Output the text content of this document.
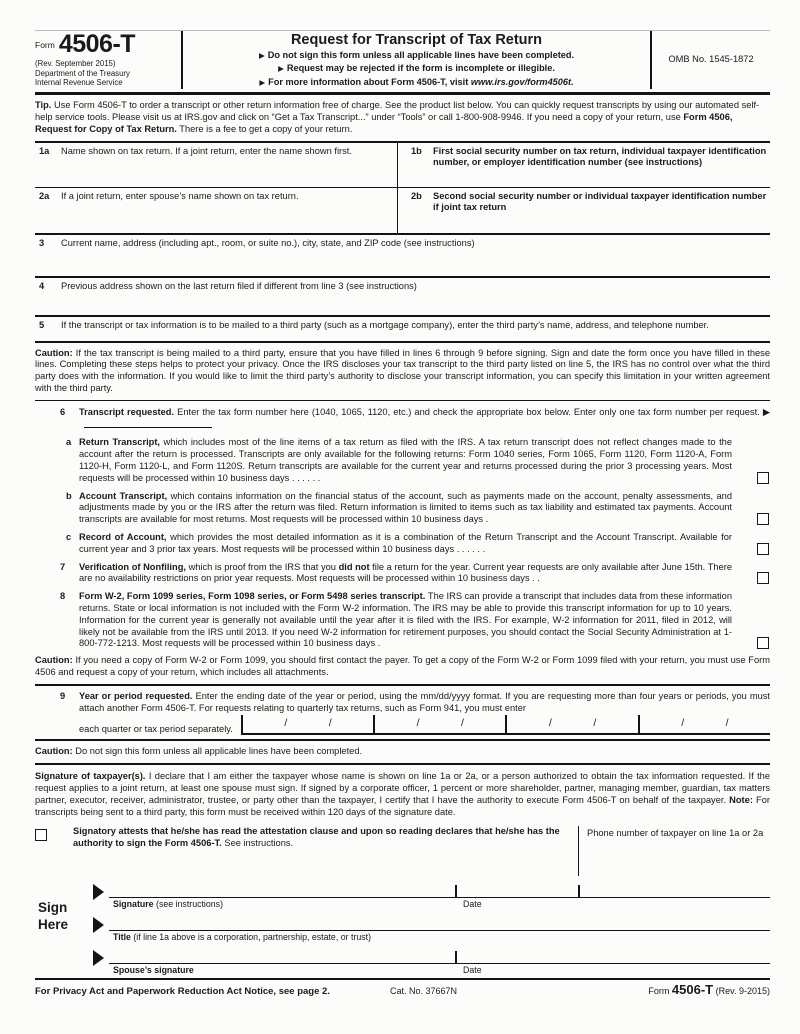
Form 4506-T
(Rev. September 2015)
Department of the Treasury
Internal Revenue Service
Request for Transcript of Tax Return
▶ Do not sign this form unless all applicable lines have been completed.
▶ Request may be rejected if the form is incomplete or illegible.
▶ For more information about Form 4506-T, visit www.irs.gov/form4506t.
OMB No. 1545-1872

Tip. Use Form 4506-T to order a transcript or other return information free of charge. See the product list below. You can quickly request transcripts by using our automated self-help service tools. Please visit us at IRS.gov and click on “Get a Tax Transcript...” under “Tools” or call 1-800-908-9946. If you need a copy of your return, use Form 4506, Request for Copy of Tax Return. There is a fee to get a copy of your return.

1a	Name shown on tax return. If a joint return, enter the name shown first.	1b	First social security number on tax return, individual taxpayer identification number, or employer identification number (see instructions)
2a	If a joint return, enter spouse’s name shown on tax return.	2b	Second social security number or individual taxpayer identification number if joint tax return
3	Current name, address (including apt., room, or suite no.), city, state, and ZIP code (see instructions)
4	Previous address shown on the last return filed if different from line 3 (see instructions)
5	If the transcript or tax information is to be mailed to a third party (such as a mortgage company), enter the third party’s name, address, and telephone number.

Caution: If the tax transcript is being mailed to a third party, ensure that you have filled in lines 6 through 9 before signing. Sign and date the form once you have filled in these lines. Completing these steps helps to protect your privacy. Once the IRS discloses your tax transcript to the third party listed on line 5, the IRS has no control over what the third party does with the information. If you would like to limit the third party’s authority to disclose your transcript information, you can specify this limitation in your written agreement with the third party.

6	Transcript requested. Enter the tax form number here (1040, 1065, 1120, etc.) and check the appropriate box below. Enter only one tax form number per request. ▶
a Return Transcript, which includes most of the line items of a tax return as filed with the IRS. A tax return transcript does not reflect changes made to the account after the return is processed. Transcripts are only available for the following returns: Form 1040 series, Form 1065, Form 1120, Form 1120-A, Form 1120-H, Form 1120-L, and Form 1120S. Return transcripts are available for the current year and returns processed during the prior 3 processing years. Most requests will be processed within 10 business days . . . . . .
b Account Transcript, which contains information on the financial status of the account, such as payments made on the account, penalty assessments, and adjustments made by you or the IRS after the return was filed. Return information is limited to items such as tax liability and estimated tax payments. Account transcripts are available for most returns. Most requests will be processed within 10 business days .
c Record of Account, which provides the most detailed information as it is a combination of the Return Transcript and the Account Transcript. Available for current year and 3 prior tax years. Most requests will be processed within 10 business days . . . . . .
7	Verification of Nonfiling, which is proof from the IRS that you did not file a return for the year. Current year requests are only available after June 15th. There are no availability restrictions on prior year requests. Most requests will be processed within 10 business days . .
8	Form W-2, Form 1099 series, Form 1098 series, or Form 5498 series transcript. The IRS can provide a transcript that includes data from these information returns. State or local information is not included with the Form W-2 information. The IRS may be able to provide this transcript information for up to 10 years. Information for the current year is generally not available until the year after it is filed with the IRS. For example, W-2 information for 2011, filed in 2012, will likely not be available from the IRS until 2013. If you need W-2 information for retirement purposes, you should contact the Social Security Administration at 1-800-772-1213. Most requests will be processed within 10 business days .

Caution: If you need a copy of Form W-2 or Form 1099, you should first contact the payer. To get a copy of the Form W-2 or Form 1099 filed with your return, you must use Form 4506 and request a copy of your return, which includes all attachments.

9	Year or period requested. Enter the ending date of the year or period, using the mm/dd/yyyy format. If you are requesting more than four years or periods, you must attach another Form 4506-T. For requests relating to quarterly tax returns, such as Form 941, you must enter
each quarter or tax period separately.	/	/	/	/	/	/	/	/

Caution: Do not sign this form unless all applicable lines have been completed.

Signature of taxpayer(s). I declare that I am either the taxpayer whose name is shown on line 1a or 2a, or a person authorized to obtain the tax information requested. If the request applies to a joint return, at least one spouse must sign. If signed by a corporate officer, 1 percent or more shareholder, partner, managing member, guardian, tax matters partner, executor, receiver, administrator, trustee, or party other than the taxpayer, I certify that I have the authority to execute Form 4506-T on behalf of the taxpayer. Note: For transcripts being sent to a third party, this form must be received within 120 days of the signature date.

Signatory attests that he/she has read the attestation clause and upon so reading declares that he/she has the authority to sign the Form 4506-T. See instructions.
Phone number of taxpayer on line 1a or 2a
Sign
Here
Signature (see instructions)	Date
Title (if line 1a above is a corporation, partnership, estate, or trust)
Spouse’s signature	Date
For Privacy Act and Paperwork Reduction Act Notice, see page 2.	Cat. No. 37667N	Form 4506-T (Rev. 9-2015)
